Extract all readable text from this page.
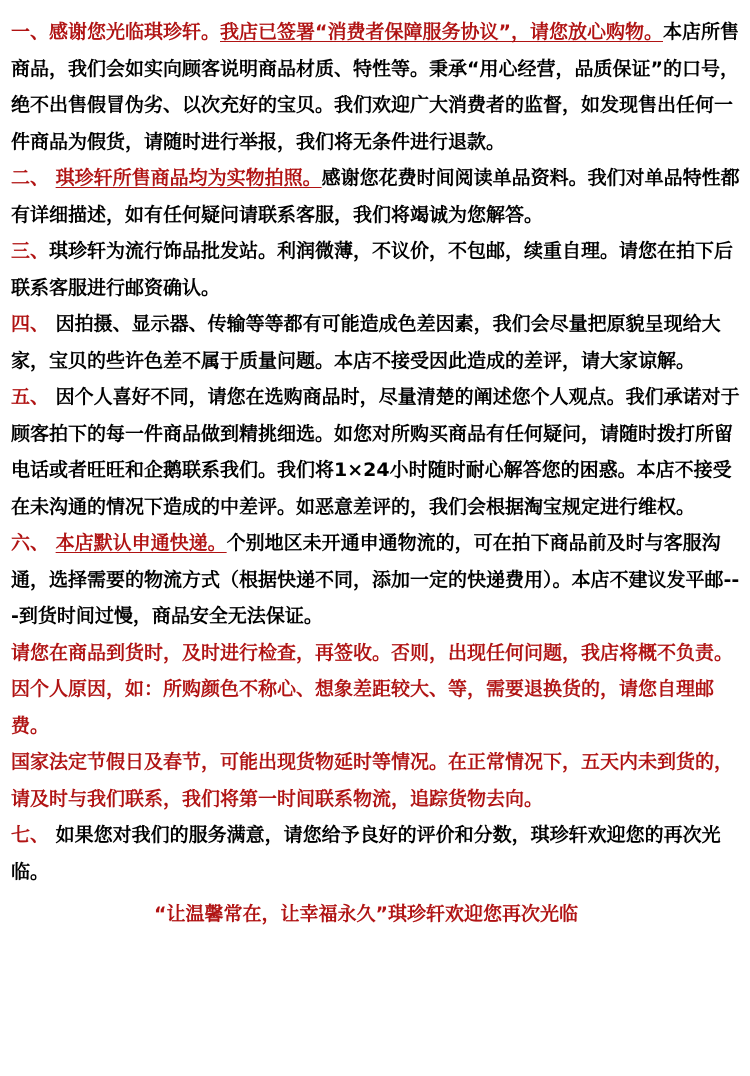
一、感谢您光临琪珍轩。我店已签署“消费者保障服务协议”，请您放心购物。本店所售商品，我们会如实向顾客说明商品材质、特性等。秉承“用心经营，品质保证”的口号，绝不出售假冒伪劣、以次充好的宝贝。我们欢迎广大消费者的监督，如发现售出任何一件商品为假货，请随时进行举报，我们将无条件进行退款。

二、 琪珍轩所售商品均为实物拍照。感谢您花费时间阅读单品资料。我们对单品特性都有详细描述，如有任何疑问请联系客服，我们将竭诚为您解答。

三、琪珍轩为流行饰品批发站。利润微薄，不议价，不包邮，续重自理。请您在拍下后联系客服进行邮资确认。

四、 因拍摄、显示器、传输等等都有可能造成色差因素，我们会尽量把原貌呈现给大家，宝贝的些许色差不属于质量问题。本店不接受因此造成的差评，请大家谅解。

五、 因个人喜好不同，请您在选购商品时，尽量清楚的阐述您个人观点。我们承诺对于顾客拍下的每一件商品做到精挑细选。如您对所购买商品有任何疑问，请随时拨打所留电话或者旺旺和企鹅联系我们。我们将1×24小时随时耐心解答您的困惑。本店不接受在未沟通的情况下造成的中差评。如恶意差评的，我们会根据淘宝规定进行维权。

六、 本店默认申通快递。个别地区未开通申通物流的，可在拍下商品前及时与客服沟通，选择需要的物流方式（根据快递不同，添加一定的快递费用）。本店不建议发平邮---到货时间过慢，商品安全无法保证。

请您在商品到货时，及时进行检查，再签收。否则，出现任何问题，我店将概不负责。

因个人原因，如：所购颜色不称心、想象差距较大、等，需要退换货的，请您自理邮费。

国家法定节假日及春节，可能出现货物延时等情况。在正常情况下，五天内未到货的，请及时与我们联系，我们将第一时间联系物流，追踪货物去向。

七、 如果您对我们的服务满意，请您给予良好的评价和分数，琪珍轩欢迎您的再次光临。

“让温馨常在，让幸福永久”琪珍轩欢迎您再次光临
